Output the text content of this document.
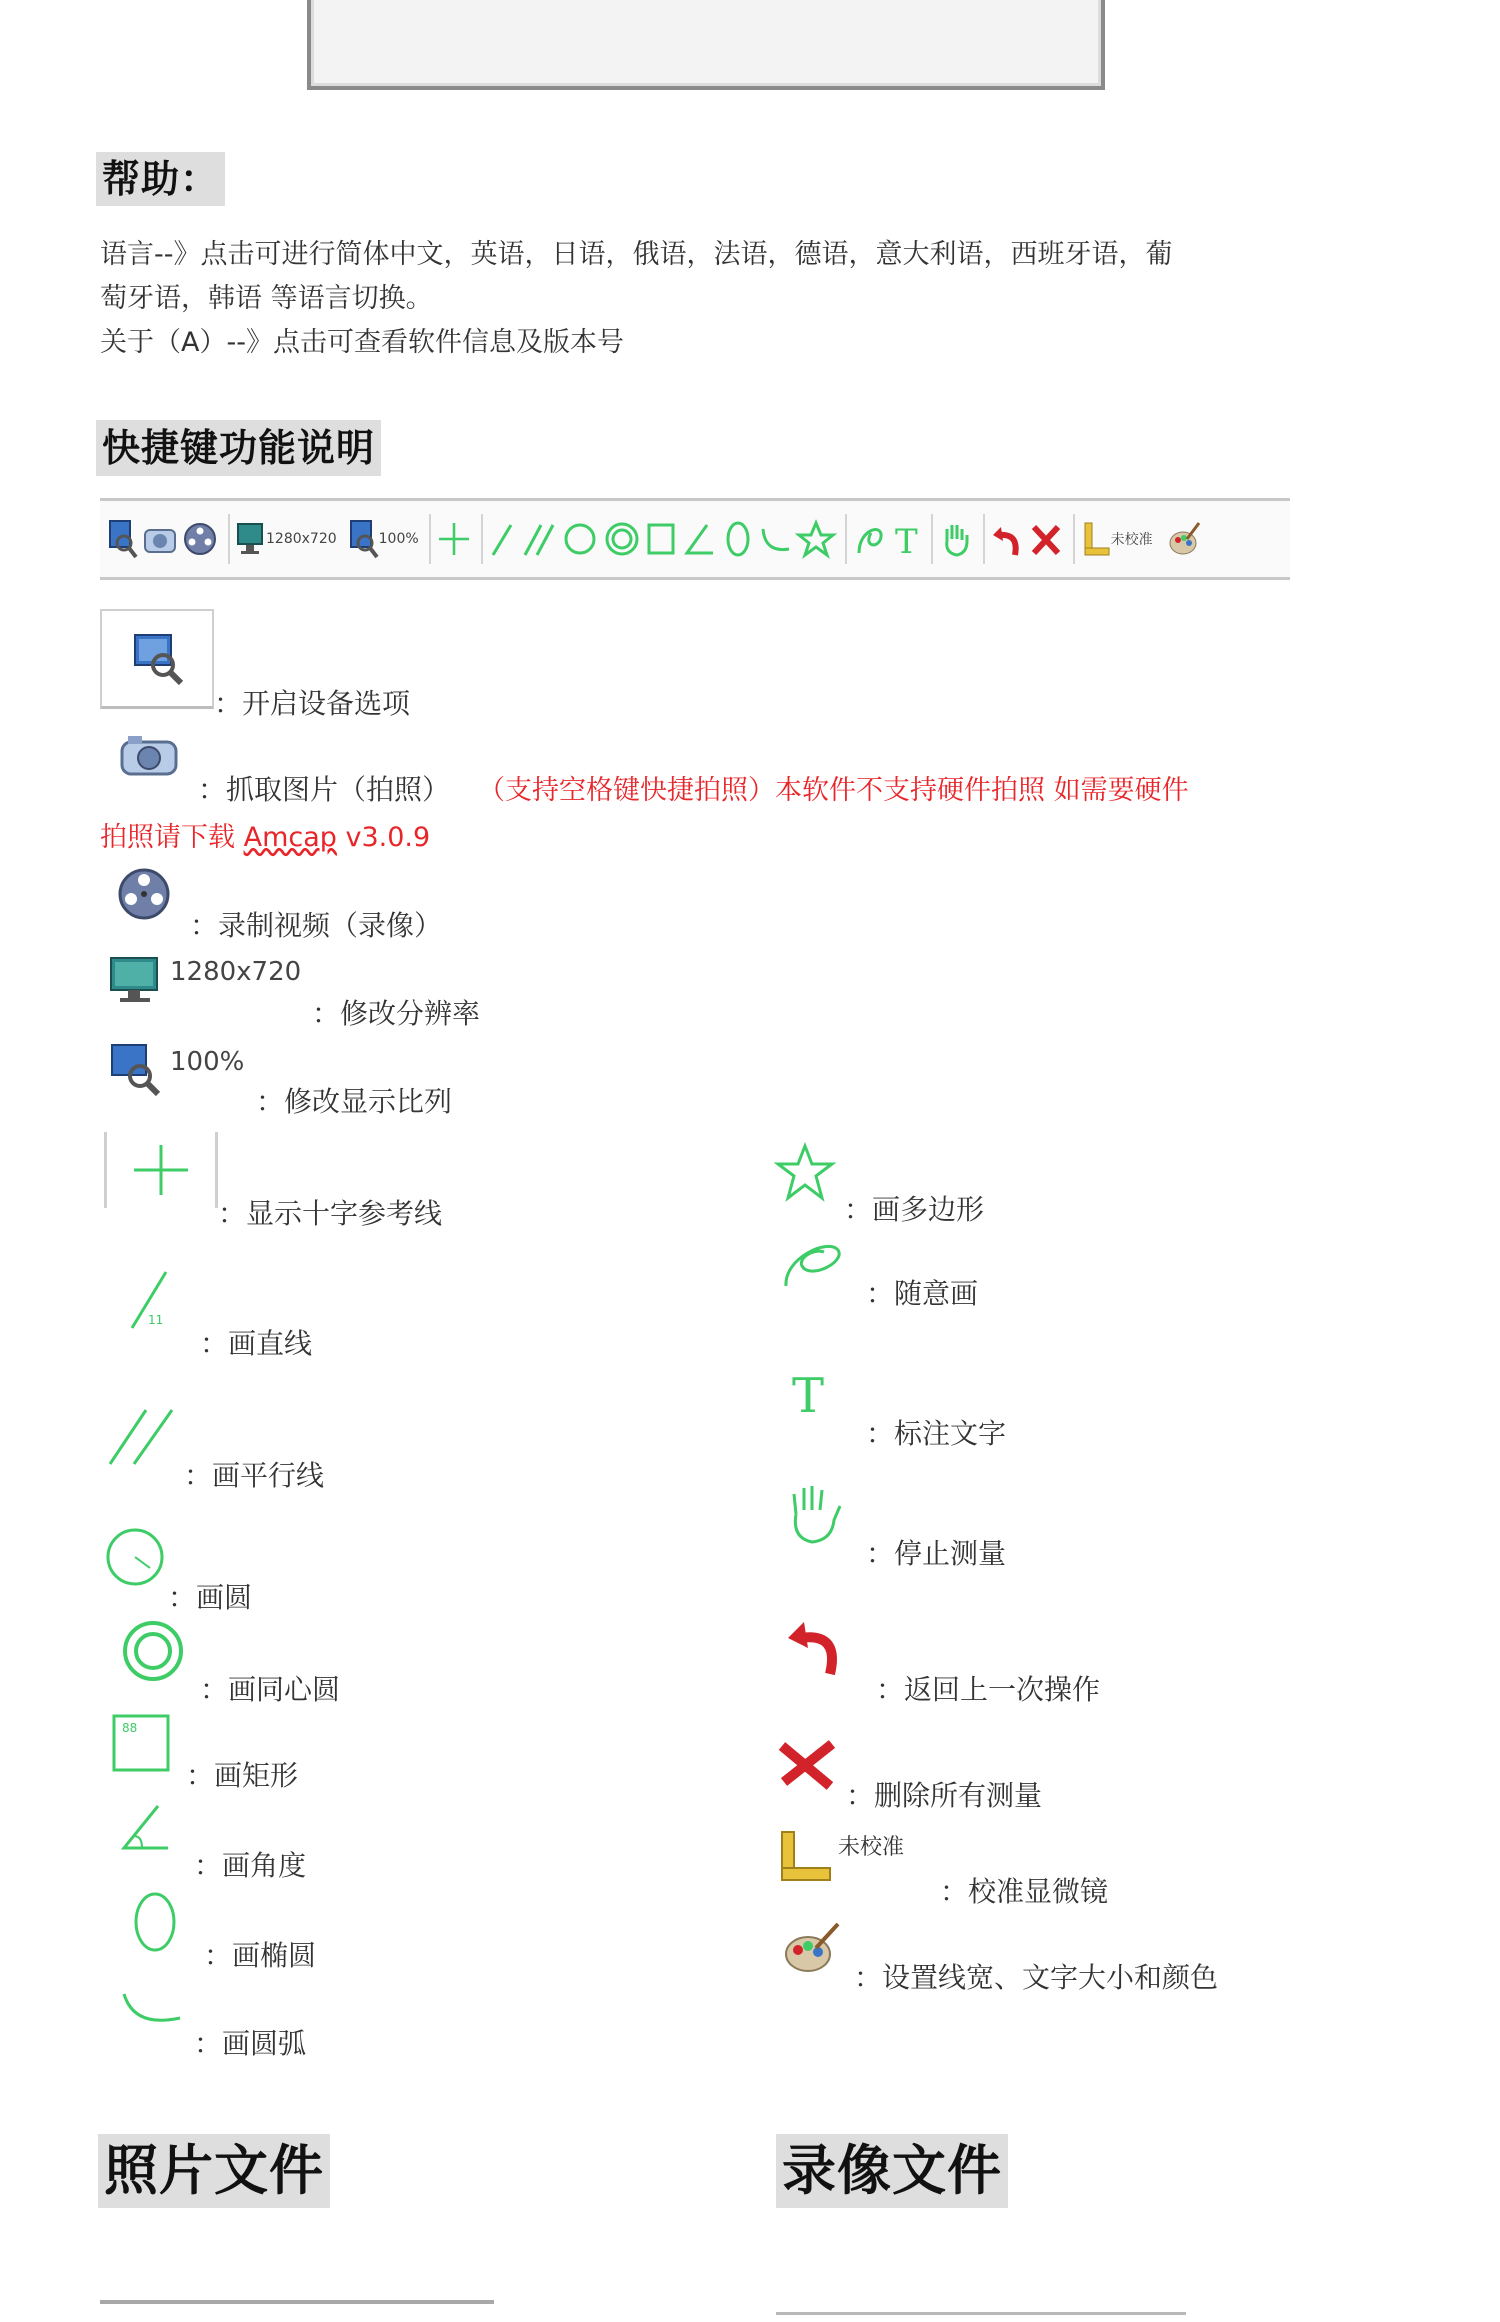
帮助：
语言--》点击可进行简体中文，英语，日语，俄语，法语，德语，意大利语，西班牙语，葡
萄牙语，韩语 等语言切换。
关于（A）--》点击可查看软件信息及版本号
快捷键功能说明
1280x720	100%	T	未校准
：开启设备选项
：抓取图片（拍照） （支持空格键快捷拍照）本软件不支持硬件拍照 如需要硬件
拍照请下载 Amcap v3.0.9
：录制视频（录像）
1280x720
：修改分辨率
100%
：修改显示比列
：显示十字参考线
11
：画直线
：画平行线
：画圆
：画同心圆
88
：画矩形
：画角度
：画椭圆
：画圆弧
：画多边形
：随意画
T
：标注文字
：停止测量
：返回上一次操作
：删除所有测量
未校准
：校准显微镜
：设置线宽、文字大小和颜色
照片文件	录像文件
